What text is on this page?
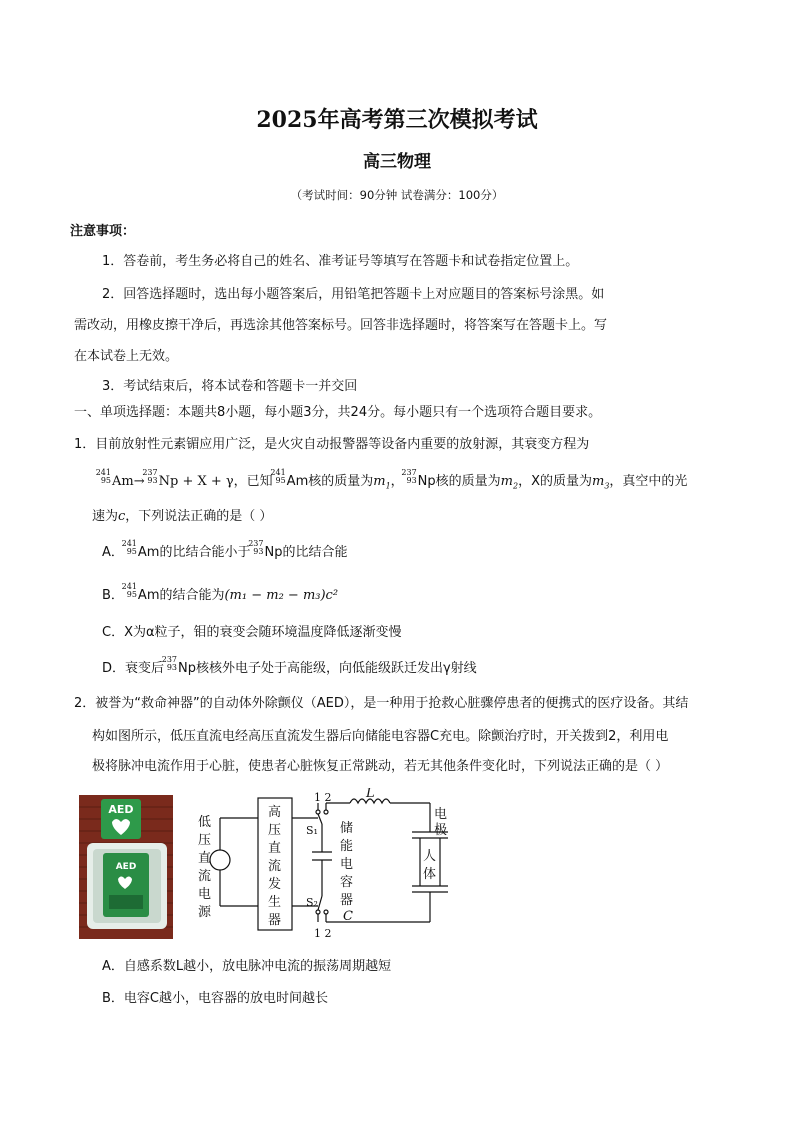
2025年高考第三次模拟考试
高三物理
（考试时间：90分钟 试卷满分：100分）
注意事项：
1．答卷前，考生务必将自己的姓名、准考证号等填写在答题卡和试卷指定位置上。
2．回答选择题时，选出每小题答案后，用铅笔把答题卡上对应题目的答案标号涂黑。如
需改动，用橡皮擦干净后，再选涂其他答案标号。回答非选择题时，将答案写在答题卡上。写
在本试卷上无效。
3．考试结束后，将本试卷和答题卡一并交回
一、单项选择题：本题共8小题，每小题3分，共24分。每小题只有一个选项符合题目要求。
1．目前放射性元素镅应用广泛，是火灾自动报警器等设备内重要的放射源，其衰变方程为
241
95 Am→
237
93 Np + X + γ，已知
241
95 Am核的质量为$m_1$，
237
93 Np核的质量为$m_2$，X的质量为$m_3$，真空中的光
速为c，下列说法正确的是（ ）
A．
241
95 Am的比结合能小于
237
93 Np的比结合能
B．
241
95 Am的结合能为(m₁ − m₂ − m₃)c²
C．X为α粒子，钼的衰变会随环境温度降低逐渐变慢
D．衰变后
237
93 Np核核外电子处于高能级，向低能级跃迁发出γ射线
2．被誉为“救命神器”的自动体外除颤仪（AED），是一种用于抢救心脏骤停患者的便携式的医疗设备。其结
构如图所示，低压直流电经高压直流发生器后向储能电容器C充电。除颤治疗时，开关拨到2，利用电
极将脉冲电流作用于心脏，使患者心脏恢复正常跳动，若无其他条件变化时，下列说法正确的是（ ）
AED
AED
低
压
直
流
电
源
高
压
直
流
发
生
器
1 2
1 2
S₁
S₂
储
能
电
容
器
C
L
电
极
人
体
A．自感系数L越小，放电脉冲电流的振荡周期越短
B．电容C越小，电容器的放电时间越长
